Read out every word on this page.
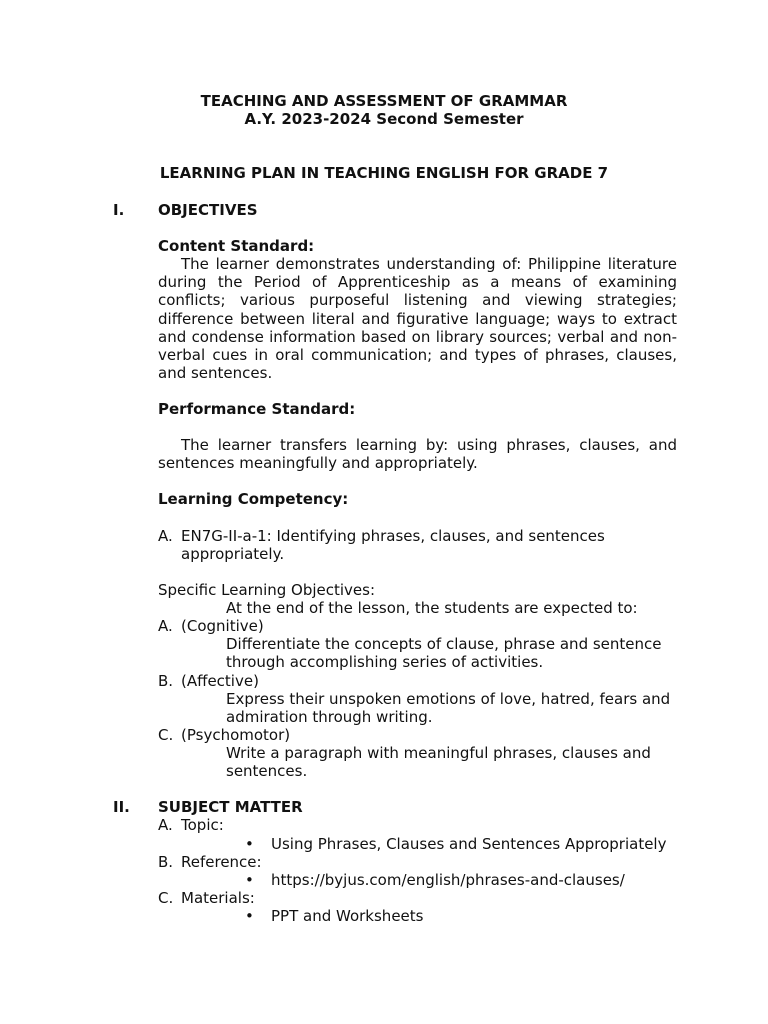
TEACHING AND ASSESSMENT OF GRAMMAR
A.Y. 2023-2024 Second Semester
LEARNING PLAN IN TEACHING ENGLISH FOR GRADE 7
I. OBJECTIVES
Content Standard:
The learner demonstrates understanding of: Philippine literature during the Period of Apprenticeship as a means of examining conflicts; various purposeful listening and viewing strategies; difference between literal and figurative language; ways to extract and condense information based on library sources; verbal and non-verbal cues in oral communication; and types of phrases, clauses, and sentences.
Performance Standard:
The learner transfers learning by: using phrases, clauses, and sentences meaningfully and appropriately.
Learning Competency:
A. EN7G-II-a-1: Identifying phrases, clauses, and sentences
appropriately.
Specific Learning Objectives:
At the end of the lesson, the students are expected to:
A. (Cognitive)
Differentiate the concepts of clause, phrase and sentence
through accomplishing series of activities.
B. (Affective)
Express their unspoken emotions of love, hatred, fears and
admiration through writing.
C. (Psychomotor)
Write a paragraph with meaningful phrases, clauses and
sentences.
II. SUBJECT MATTER
A. Topic:
• Using Phrases, Clauses and Sentences Appropriately
B. Reference:
• https://byjus.com/english/phrases-and-clauses/
C. Materials:
• PPT and Worksheets
